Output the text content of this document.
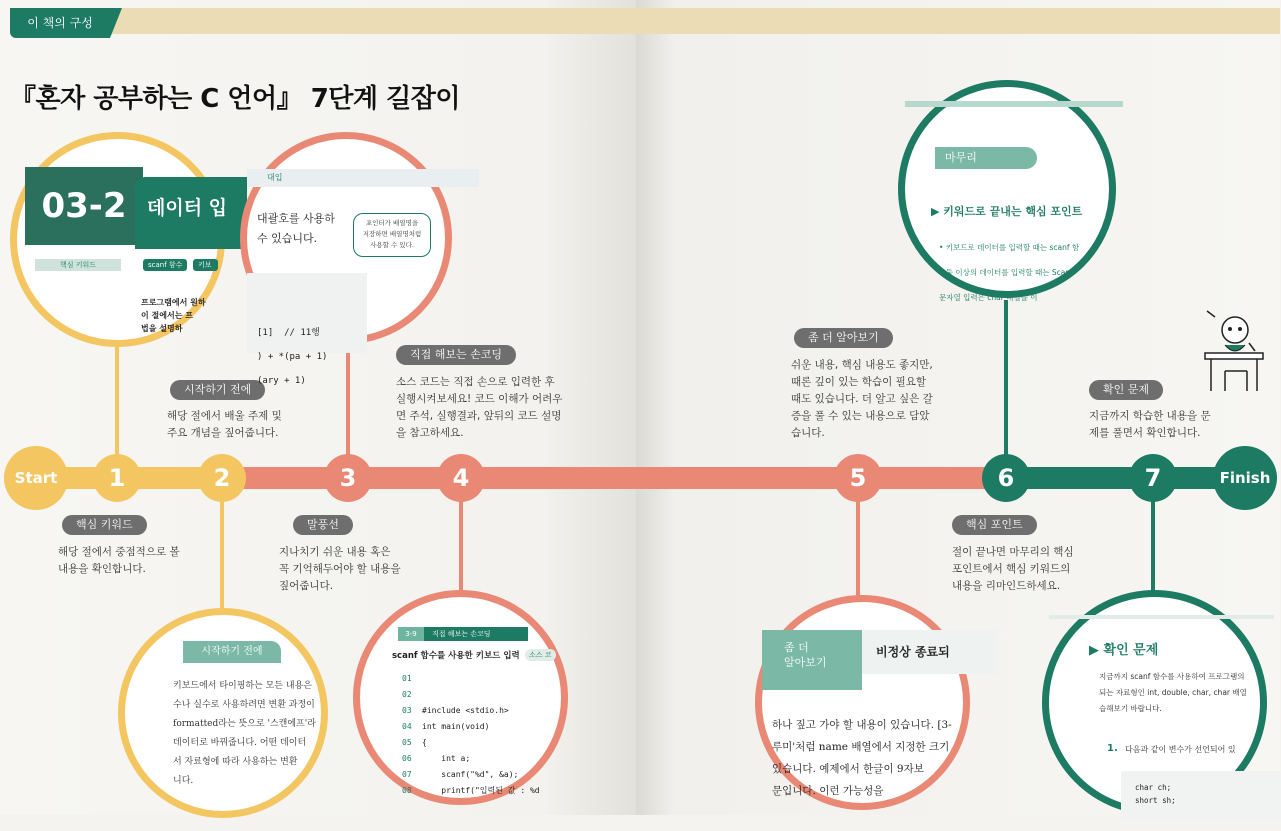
이 책의 구성
『혼자 공부하는 C 언어』 7단계 길잡이
Start	Finish
1	2	3	4	5	6	7
핵심 키워드
해당 절에서 중점적으로 볼
내용을 확인합니다.
시작하기 전에
해당 절에서 배울 주제 및
주요 개념을 짚어줍니다.
말풍선
지나치기 쉬운 내용 혹은
꼭 기억해두어야 할 내용을
짚어줍니다.
직접 해보는 손코딩
소스 코드는 직접 손으로 입력한 후
실행시켜보세요! 코드 이해가 어려우
면 주석, 실행결과, 앞뒤의 코드 설명
을 참고하세요.
좀 더 알아보기
쉬운 내용, 핵심 내용도 좋지만,
때론 깊이 있는 학습이 필요할
때도 있습니다. 더 알고 싶은 갈
증을 풀 수 있는 내용으로 담았
습니다.
핵심 포인트
절이 끝나면 마무리의 핵심
포인트에서 핵심 키워드의
내용을 리마인드하세요.
확인 문제
지금까지 학습한 내용을 문
제를 풀면서 확인합니다.
03-2	데이터 입
핵심 키워드	scanf 함수	키보드로
프로그램에서 원하
이 절에서는 프
법을 설명하
시작하기 전에
키보드에서 타이핑하는 모든 내용은
수나 실수로 사용하려면 변환 과정이
formatted라는 뜻으로 '스캔에프'라
데이터로 바꿔줍니다. 어떤 데이터
서 자료형에 따라 사용하는 변환
니다.
대입
대괄호를 사용하
수 있습니다.
포인터가 배열명을
저장하면 배열명처럼
사용할 수 있다.

[1]  // 11행
) + *(pa + 1)
(ary + 1)

3-9	직접 해보는 손코딩
scanf 함수를 사용한 키보드 입력	소스 코
01
02
03
04
05
06
07
08

#include <stdio.h>
int main(void)
{
int a;
scanf("%d", &a);
printf("입력된 값 : %d

좀 더
알아보기
비정상 종료되
하나 짚고 가야 할 내용이 있습니다. [3-
루미'처럼 name 배열에서 지정한 크기
있습니다. 예제에서 한글이 9자보
문입니다. 이런 가능성을
마무리
▶ 키워드로 끝내는 핵심 포인트
• 키보드로 데이터를 입력할 때는 scanf 함
• 둘 이상의 데이터를 입력할 때는 Scan
문자열 입력은 char 배열을 이
▶ 확인 문제
지금까지 scanf 함수를 사용하여 프로그램의
되는 자료형인 int, double, char, char 배열
습해보기 바랍니다.
1. 다음과 같이 변수가 선언되어 있
char ch;
short sh;
